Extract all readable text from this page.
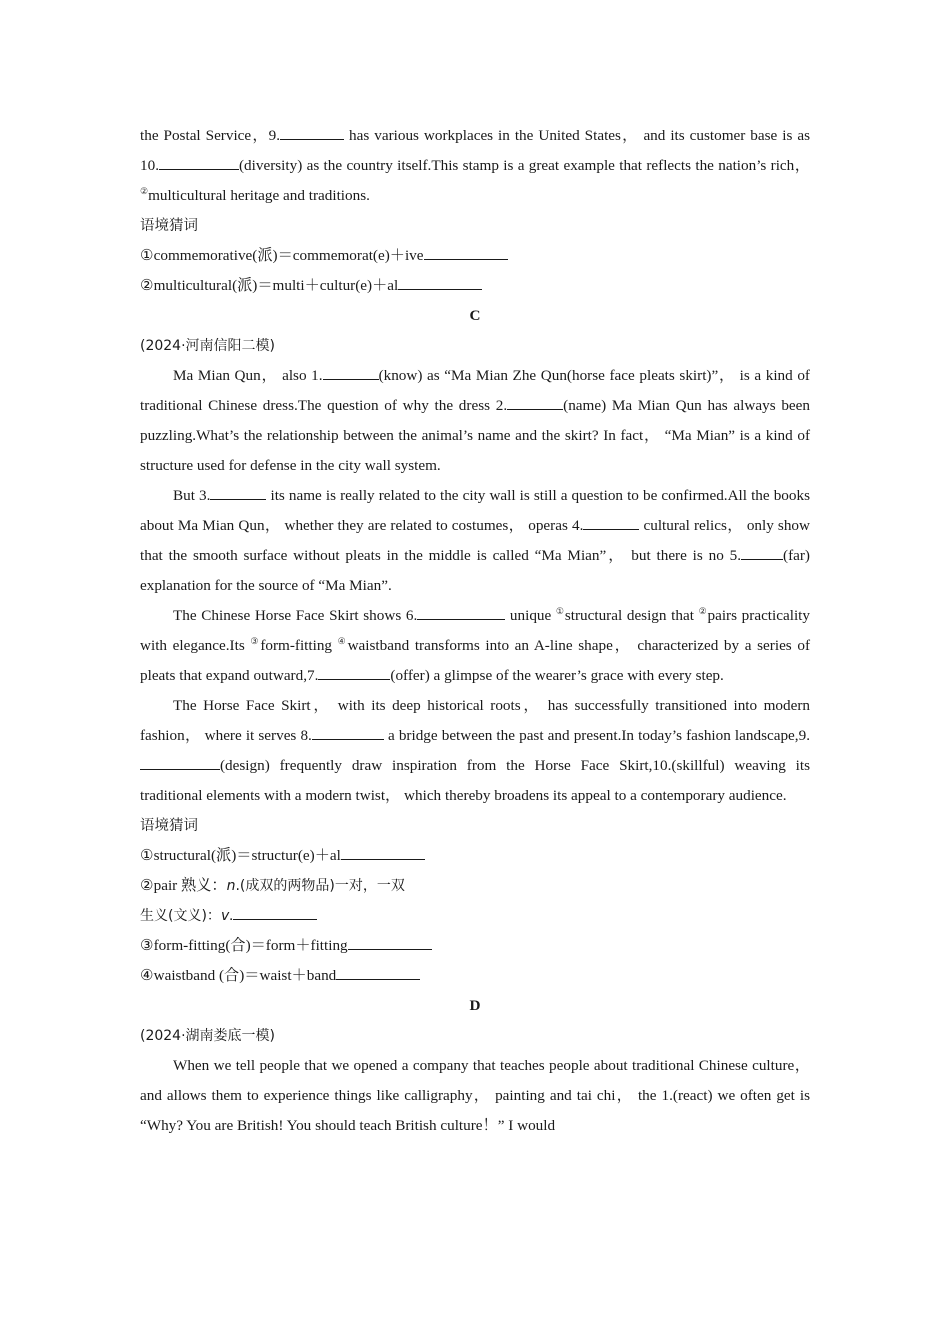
the Postal Service，9.	has various workplaces in the United States， and its customer base is as 10.	(diversity) as the country itself.This stamp is a great example that reflects the nation’s rich，②multicultural heritage and traditions.

语境猜词

①commemorative(派)＝commemorat(e)＋ive

②multicultural(派)＝multi＋cultur(e)＋al

C

(2024·河南信阳二模)

Ma Mian Qun， also 1.	(know) as “Ma Mian Zhe Qun(horse face pleats skirt)”， is a kind of traditional Chinese dress.The question of why the dress 2.	(name) Ma Mian Qun has always been puzzling.What’s the relationship between the animal’s name and the skirt? In fact， “Ma Mian” is a kind of structure used for defense in the city wall system.

But 3.	its name is really related to the city wall is still a question to be confirmed.All the books about Ma Mian Qun， whether they are related to costumes， operas 4.	cultural relics， only show that the smooth surface without pleats in the middle is called “Ma Mian”， but there is no 5.	(far) explanation for the source of “Ma Mian”.

The Chinese Horse Face Skirt shows 6.	unique ①structural design that ②pairs practicality with elegance.Its ③form-fitting ④waistband transforms into an A-line shape， characterized by a series of pleats that expand outward,7.	(offer) a glimpse of the wearer’s grace with every step.

The Horse Face Skirt， with its deep historical roots， has successfully transitioned into modern fashion， where it serves 8.	a bridge between the past and present.In today’s fashion landscape,9.(design) frequently draw inspiration from the Horse Face Skirt,10.(skillful) weaving its traditional elements with a modern twist， which thereby broadens its appeal to a contemporary audience.

语境猜词

①structural(派)＝structur(e)＋al

②pair 熟义：n.(成双的两物品)一对，一双

生义(文义)：v.

③form-fitting(合)＝form＋fitting

④waistband (合)＝waist＋band

D

(2024·湖南娄底一模)

When we tell people that we opened a company that teaches people about traditional Chinese culture， and allows them to experience things like calligraphy， painting and tai chi， the 1.(react) we often get is “Why? You are British! You should teach British culture！” I would
